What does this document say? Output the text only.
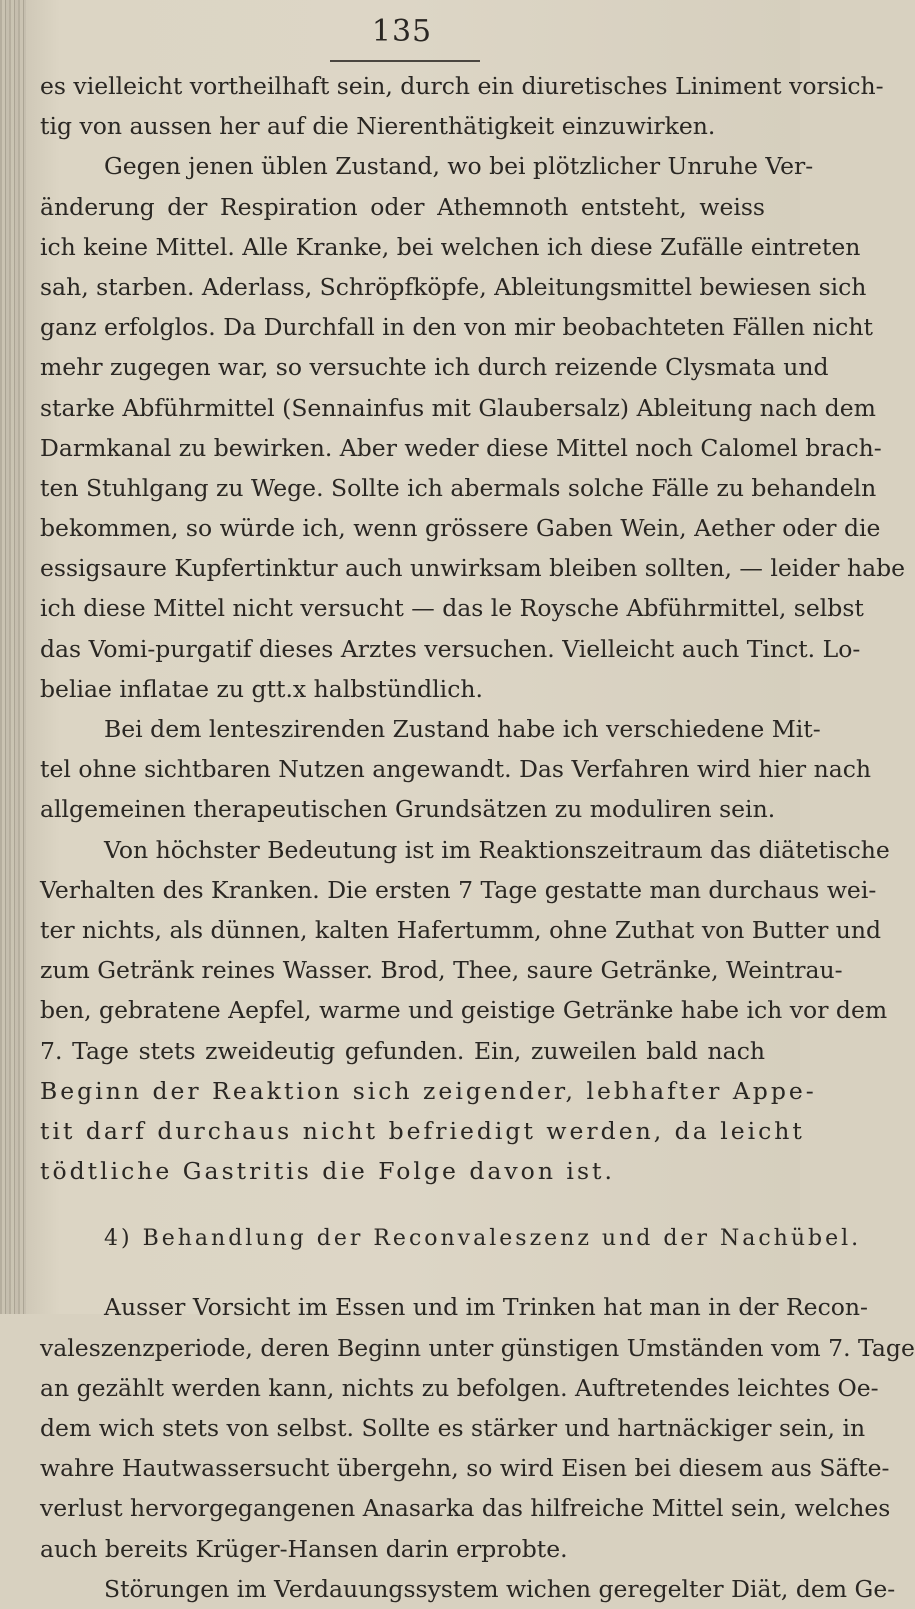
135
es vielleicht vortheilhaft sein, durch ein diuretisches Liniment vorsich-
tig von aussen her auf die Nierenthätigkeit einzuwirken.
Gegen jenen üblen Zustand, wo bei plötzlicher Unruhe Ver-
änderung der Respiration oder Athemnoth entsteht, weiss
ich keine Mittel. Alle Kranke, bei welchen ich diese Zufälle eintreten
sah, starben. Aderlass, Schröpfköpfe, Ableitungsmittel bewiesen sich
ganz erfolglos. Da Durchfall in den von mir beobachteten Fällen nicht
mehr zugegen war, so versuchte ich durch reizende Clysmata und
starke Abführmittel (Sennainfus mit Glaubersalz) Ableitung nach dem
Darmkanal zu bewirken. Aber weder diese Mittel noch Calomel brach-
ten Stuhlgang zu Wege. Sollte ich abermals solche Fälle zu behandeln
bekommen, so würde ich, wenn grössere Gaben Wein, Aether oder die
essigsaure Kupfertinktur auch unwirksam bleiben sollten, — leider habe
ich diese Mittel nicht versucht — das le Roysche Abführmittel, selbst
das Vomi-purgatif dieses Arztes versuchen. Vielleicht auch Tinct. Lo-
beliae inflatae zu gtt.x halbstündlich.
Bei dem lenteszirenden Zustand habe ich verschiedene Mit-
tel ohne sichtbaren Nutzen angewandt. Das Verfahren wird hier nach
allgemeinen therapeutischen Grundsätzen zu moduliren sein.
Von höchster Bedeutung ist im Reaktionszeitraum das diätetische
Verhalten des Kranken. Die ersten 7 Tage gestatte man durchaus wei-
ter nichts, als dünnen, kalten Hafertumm, ohne Zuthat von Butter und
zum Getränk reines Wasser. Brod, Thee, saure Getränke, Weintrau-
ben, gebratene Aepfel, warme und geistige Getränke habe ich vor dem
7. Tage stets zweideutig gefunden. Ein, zuweilen bald nach
Beginn der Reaktion sich zeigender, lebhafter Appe-
tit darf durchaus nicht befriedigt werden, da leicht
tödtliche Gastritis die Folge davon ist.
4) Behandlung der Reconvaleszenz und der Nachübel.
Ausser Vorsicht im Essen und im Trinken hat man in der Recon-
valeszenzperiode, deren Beginn unter günstigen Umständen vom 7. Tage
an gezählt werden kann, nichts zu befolgen. Auftretendes leichtes Oe-
dem wich stets von selbst. Sollte es stärker und hartnäckiger sein, in
wahre Hautwassersucht übergehn, so wird Eisen bei diesem aus Säfte-
verlust hervorgegangenen Anasarka das hilfreiche Mittel sein, welches
auch bereits Krüger-Hansen darin erprobte.
Störungen im Verdauungssystem wichen geregelter Diät, dem Ge-
